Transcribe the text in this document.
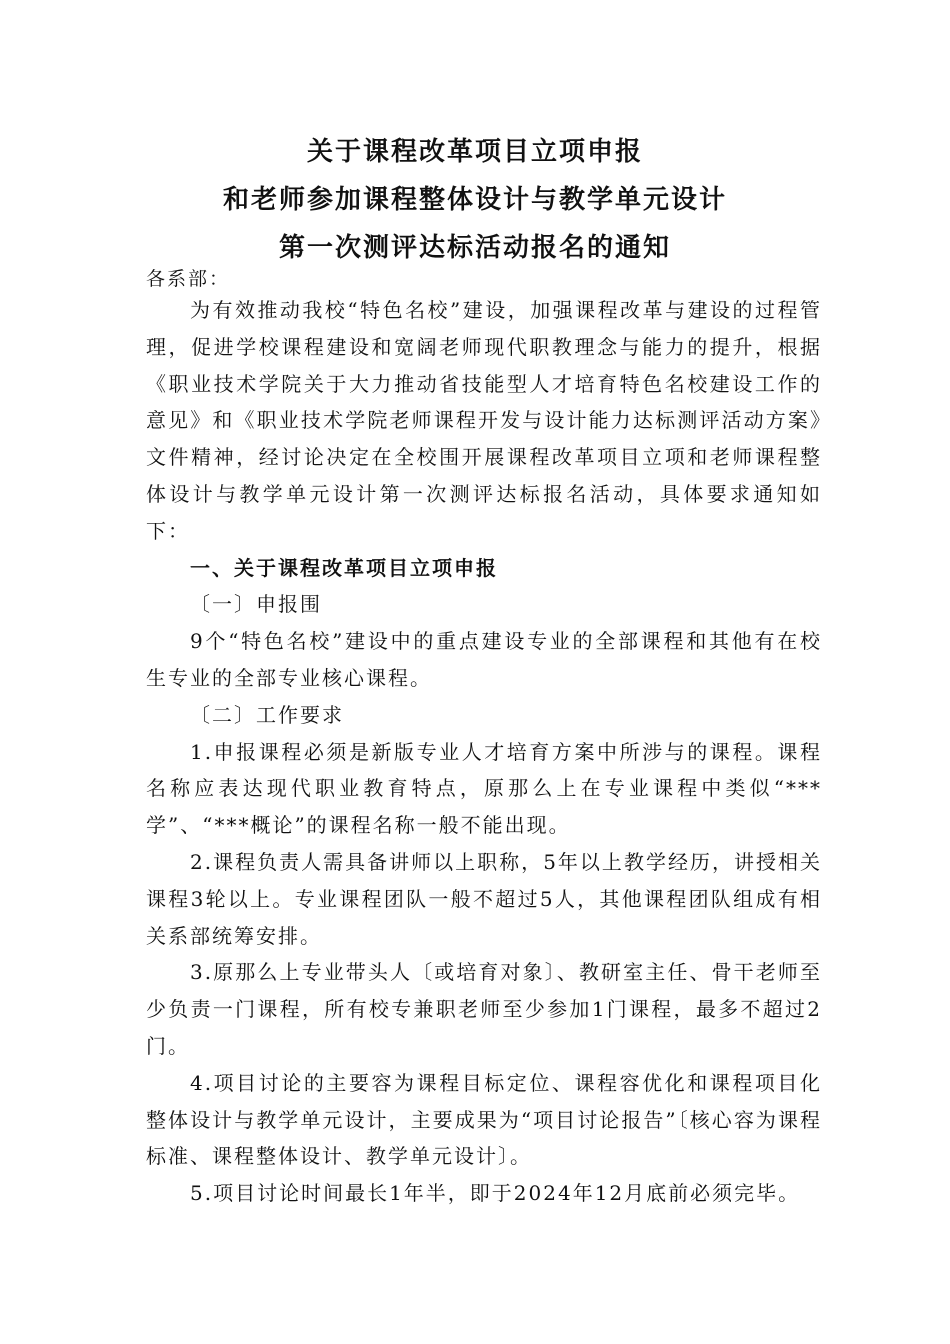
关于课程改革项目立项申报
和老师参加课程整体设计与教学单元设计
第一次测评达标活动报名的通知
各系部：

为有效推动我校“特色名校”建设，加强课程改革与建设的过程管理，促进学校课程建设和宽阔老师现代职教理念与能力的提升，根据《职业技术学院关于大力推动省技能型人才培育特色名校建设工作的意见》和《职业技术学院老师课程开发与设计能力达标测评活动方案》文件精神，经讨论决定在全校围开展课程改革项目立项和老师课程整体设计与教学单元设计第一次测评达标报名活动，具体要求通知如下：

一、关于课程改革项目立项申报

〔一〕申报围

9个“特色名校”建设中的重点建设专业的全部课程和其他有在校生专业的全部专业核心课程。

〔二〕工作要求

1.申报课程必须是新版专业人才培育方案中所涉与的课程。课程名称应表达现代职业教育特点，原那么上在专业课程中类似“***学”、“***概论”的课程名称一般不能出现。

2.课程负责人需具备讲师以上职称，5年以上教学经历，讲授相关课程3轮以上。专业课程团队一般不超过5人，其他课程团队组成有相关系部统筹安排。

3.原那么上专业带头人〔或培育对象〕、教研室主任、骨干老师至少负责一门课程，所有校专兼职老师至少参加1门课程，最多不超过2门。

4.项目讨论的主要容为课程目标定位、课程容优化和课程项目化整体设计与教学单元设计，主要成果为“项目讨论报告”〔核心容为课程标准、课程整体设计、教学单元设计〕。

5.项目讨论时间最长1年半，即于2024年12月底前必须完毕。
